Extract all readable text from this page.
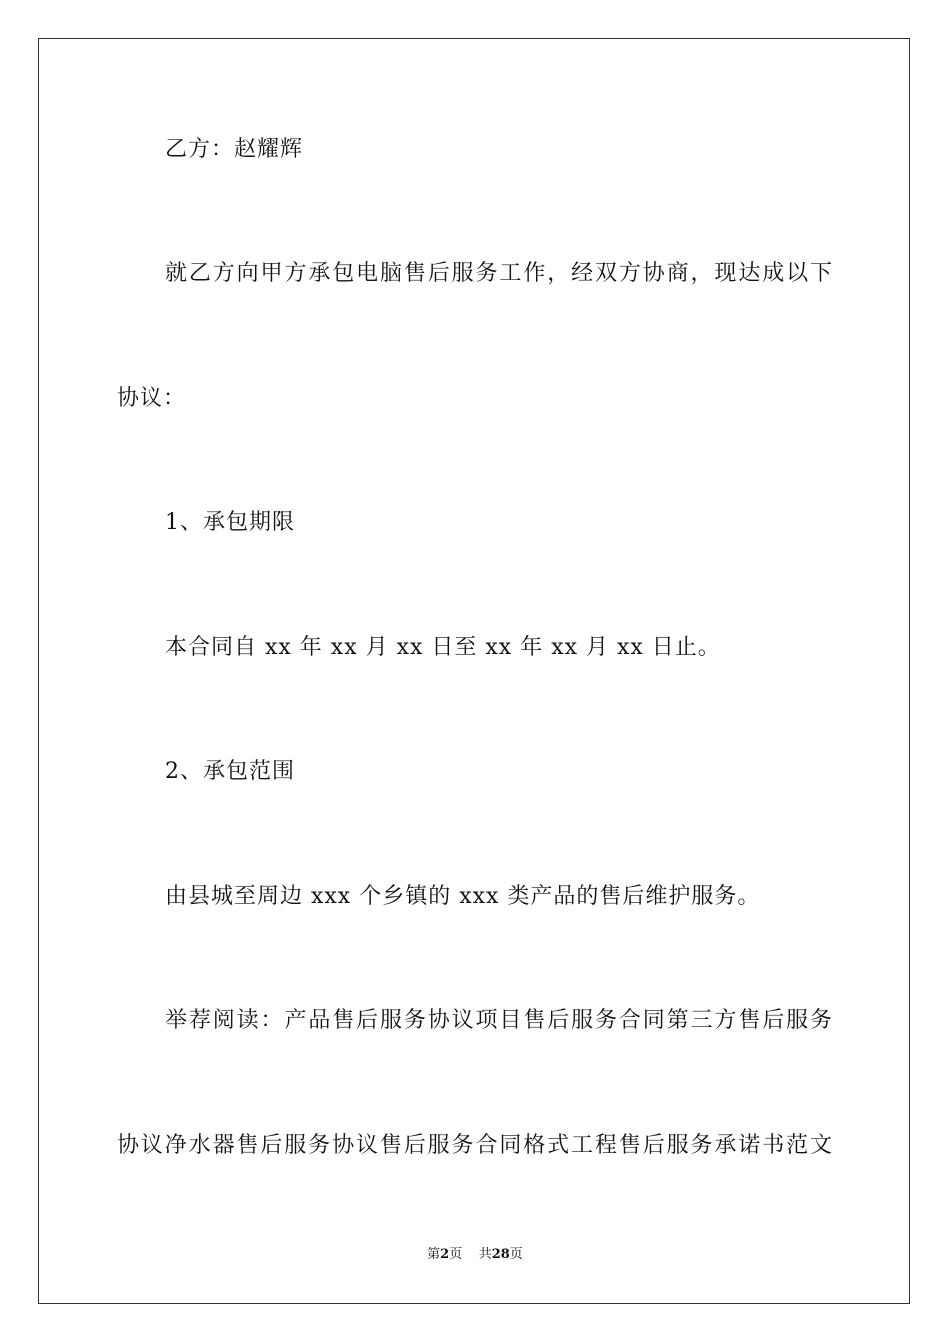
乙方：赵耀辉
就乙方向甲方承包电脑售后服务工作，经双方协商，现达成以下
协议：
1、承包期限
本合同自 xx 年 xx 月 xx 日至 xx 年 xx 月 xx 日止。
2、承包范围
由县城至周边 xxx 个乡镇的 xxx 类产品的售后维护服务。
举荐阅读：产品售后服务协议项目售后服务合同第三方售后服务
协议净水器售后服务协议售后服务合同格式工程售后服务承诺书范文
第2页 共28页
